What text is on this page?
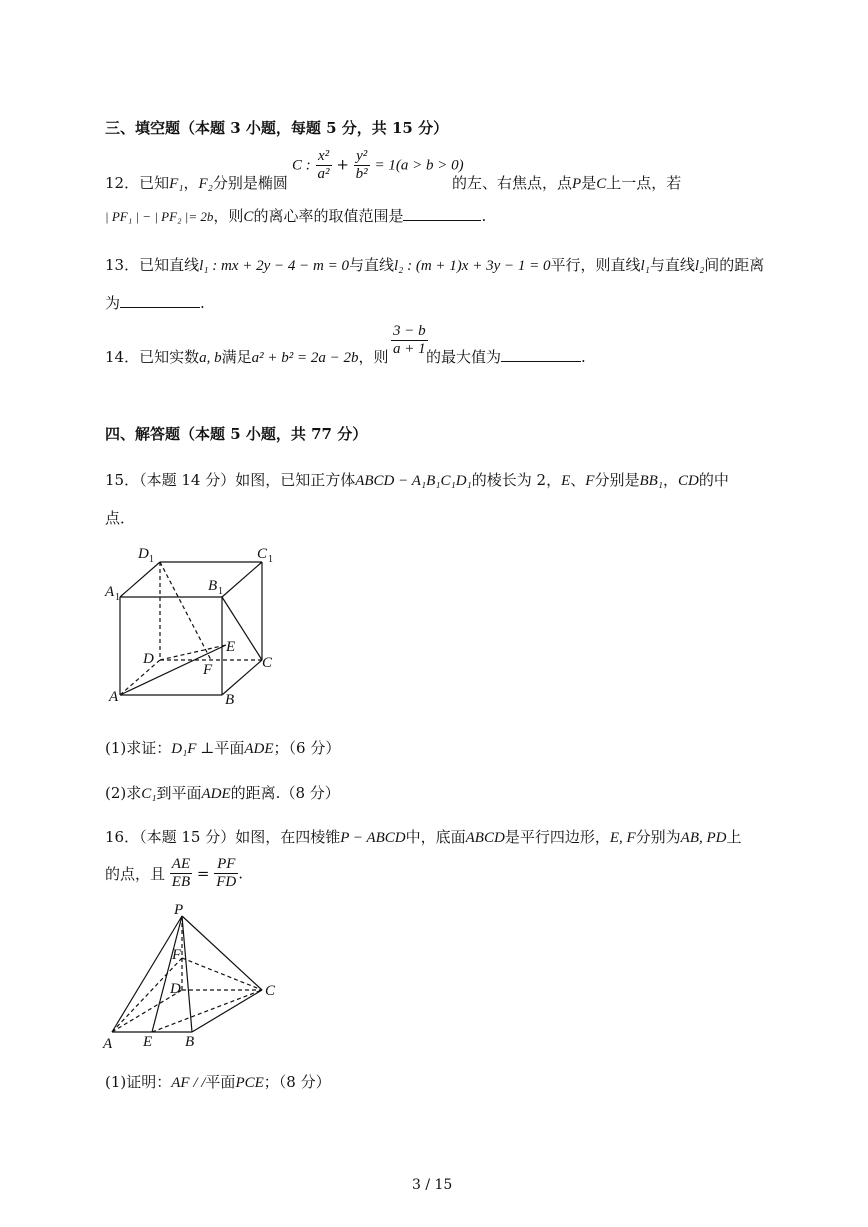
三、填空题（本题 3 小题，每题 5 分，共 15 分）
12．已知F₁，F₂分别是椭圆
C : $\frac{\text{x²}}{\text{a²}} + \frac{\text{y²}}{\text{b²}} = 1(a > b > 0)$
的左、右焦点，点P是C上一点，若
| PF₁ | − | PF₂ |= 2b，则C的离心率的取值范围是	.
13．已知直线l₁ : mx + 2y − 4 − m = 0与直线l₂ : (m + 1)x + 3y − 1 = 0平行，则直线l₁与直线l₂间的距离
为	.
14．已知实数a, b满足a² + b² = 2a − 2b，则 $\frac{3 - b}{a + 1}$
的最大值为	.
四、解答题（本题 5 小题，共 77 分）
15．（本题 14 分）如图，已知正方体ABCD − A₁B₁C₁D₁的棱长为 2，E、F分别是BB₁，CD的中
点．
D 1	C 1
A 1
B 1
D
E
F	C
A	B
(1)求证：D₁F ⊥平面ADE；（6 分）
(2)求C₁到平面ADE的距离.（8 分）
16．（本题 15 分）如图，在四棱锥P − ABCD中，底面ABCD是平行四边形，E, F分别为AB, PD上
的点，且 $\frac{AE}{EB} = \frac{PF}{FD}$ .
P
F
D	C
A E B
(1)证明：AF / /平面PCE；（8 分）
3 / 15
